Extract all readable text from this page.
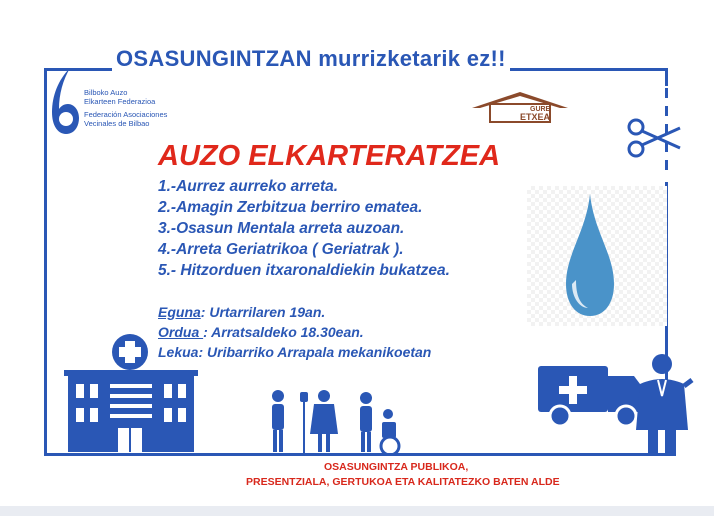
OSASUNGINTZAN murrizketarik ez!!
Bilboko Auzo
Elkarteen Federazioa
Federación Asociaciones
Vecinales de Bilbao
GURE
ETXEA
AUZO ELKARTERATZEA
1.-Aurrez aurreko arreta.
2.-Amagin Zerbitzua berriro ematea.
3.-Osasun Mentala arreta auzoan.
4.-Arreta Geriatrikoa ( Geriatrak ).
5.- Hitzorduen itxaronaldiekin bukatzea.
Eguna: Urtarrilaren 19an.
Ordua : Arratsaldeko 18.30ean.
Lekua: Uribarriko Arrapala mekanikoetan
OSASUNGINTZA PUBLIKOA,
PRESENTZIALA, GERTUKOA ETA KALITATEZKO BATEN ALDE
